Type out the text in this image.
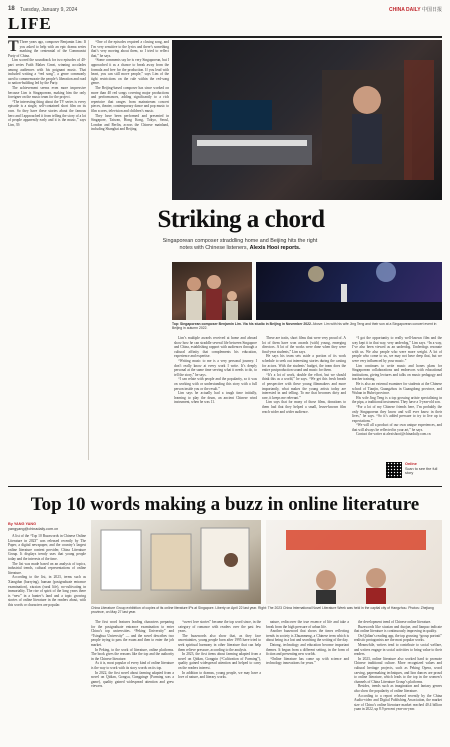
18 Tuesday, January 9, 2024	CHINA DAILY 中国日报
LIFE

T Three years ago, composer Benjamin Lim: If you asked to help with an epic drama series marking the centennial of the Communist Party of China.

Lim scored the soundtrack for two episodes of 40-part series Faith Makes Great, winning accolades among audiences with his poignant music. That included writing a “red song”, a genre commonly used to commemorate the people’s liberation and road to nation-building led by the Party.

The achievement seems even more impressive because Lim is Singaporean, making him the only foreigner on the music team for the project.

“The interesting thing about the TV series is every episode is a single, self-contained short film on its own. So they have these stories about the famous hero and I approached it from telling the story of a lot of people apparently early and it is the music,” says Lim, 39.

“One of the episodes required a closing song, and I’m very sensitive to the lyrics and there’s something that’s very moving about them, so I tried to reflect that,” he says.

“Some comments say he is very Singaporean, but I approached it as a chance to break away from the formula and free for the production. If you lead with heart, you can still move people,” says Lim of the tight restrictions on the rule within the red-song genre.

The Beijing-based composer has since worked on more than 40 red songs covering major productions and performances, adding significantly to a rich repertoire that ranges from mainstream concert pieces, theater, contemporary dance and pop music to film scores, television and children’s music.

They have been performed and presented in Singapore, Taiwan, Hong Kong, Tokyo, Seoul, London and Berlin, across the Chinese mainland, including Shanghai and Beijing.

Striking a chord
Singaporean composer straddling home and Beijing hits the right notes with Chinese listeners, Alexis Hooi reports.
Top: Singaporean composer Benjamin Lim. Via his studio in Beijing in November 2022. Above: Lim with his wife Jing Teng and their son at a Singaporean concert event in Beijing in autumn 2022.

Lim’s multiple awards received at home and abroad show how he can straddle several life between Singapore and China, establishing rapport with audiences through a cultural affinity that complements his education, experience and expertise.

“Writing music to me is a very personal journey. I don’t really know at every work I write. It’s deeply personal at the same time serving what it needs to do, to tell the story,” he says.

“I can relate with people and the popularity, so it was on working with or understanding this story with a full person inside you or the result.”

Lim says he actually had a tough time initially, learning to play the drum, an ancient Chinese wind instrument, when he was 11.

These are traits, short films that were very proud of. A lot of them have won awards (with) young, emerging directors. A lot of the works were done when they were final-year students,” Lim says.

He says his team sets aside a portion of its work schedule to seek out interesting stories during the casting for actors. With the students’ budget, the team does the entire postproduction sound and music for them.

“It’s a lot of work, double the effort, but we should think this as a world,” he says. “We get this fresh breath of perspective with these young filmmakers and more importantly, what makes the young artists today are interested in and telling. To me that becomes dirty and rare, it keeps me relevant.”

Lim says that for many of those films, donations to them had that they helped a small, lesser-known film reach wider and wider audience.

“I got the opportunity to really well-known film and the way kept it in that way, very underdog,” Lim says. “In a way, I’ve also been viewed as an underdog. Underdogs resonate with us. We also people who were more weight. A lot of people who come to us, we may not have deep that, but we were very influenced by your music.”

Lim continues to write music and hones plans for Singaporean collaborations and endeavors with educational institutions, giving lectures and talks on music pedagogy and teacher training.

He is also an external examiner for students at the Chinese school of Tianjin, Guangzhou in Guangdong province, and Wuhan in Hubei province.

His wife Jing Teng is a top grossing artiste specializing in the pipa, a traditional instrument. They have a 3-year-old son.

“For a lot of my Chinese friends here, I’m probably the only Singaporean they know and will ever know in their lives,” he says. “So it’s added pressure to try to live up to expectations.”

“We will all a product of our own unique experiences, and that will always be reflected in your art,” he says.

Contact the writer at alexishooi@chinadaily.com.cn

Online
Scan to see the full story
Top 10 words making a buzz in online literature
By YANG YANG
yangyang@chinadaily.com.cn

A list of the “Top 10 Buzzwords in Chinese Online Literature in 2023” was released recently by The Paper, a digital newspaper, and the country’s largest online literature content provider, China Literature Group. It displays trendy uses that young people today and the interests of the time.

The list was made based on an analysis of topics, industrial trends, cultural representations of online literature.

According to the list, in 2023, terms such as Xiangdun (hurrying), hunsan (postgraduate entrance examination), xiuxian (rural life), no-cultivating in immortality. The rise of spirit of the long years there is “new” in a hunter’s land and a topic growing stories of online literature in the readers about, with this words or characters are popular.

China Literature Group exhibition of copies of its online literature IPs at Singapore. Liberty on April 22 last year. Right: The 2023 China International Novel Literature Week was held in the capital city of Hangzhou. Photos: Zhejiang province, on May 27 last year.

The first word features leading characters preparing for the postgraduate entrance examination to enter China’s top universities. “Peking University” and “Tsinghua University” — and the novel describes two people trying to pass the exam and then to enter the job market.

In Peking, to the work of literature, online platforms. The book gives the reasons like the top and the authority in the Chinese literature.

As it is, most popular of every kind of online literature is the way to work with its story words on its top.

In 2022, the first novel about farming adapted from a novel on Qidian, Gongsu, Gongpinge (Farming was a game), quality gained widespread attention and grew viewers.

“sweet love stories” became the top word since, in the category of romance with readers over the past few years.

The buzzwords also show that, as they face uncertainties, young people born after 1995 have tried to seek spiritual harmony in other literature that can help them relieve pressure, according to the analysis.

In 2023, the first items about farming adapted from a novel on Qidian, Gongpin (“Cultivation of Farming”), quality gained widespread attention and helped to carry on the readers interest.

In addition to dramas, young people, we may have a love of nature, and literary works.

nature, rediscover the true essence of life and take a break from the high pressure of urban life.

Another buzzword that shows the times reflecting trends in society is Zhuanmeng, a Chinese term which is about being in a lost and searching the writing of the day.

Datong, technology and education become important themes. It began from a different setting, in the form of fiction and presenting new worlds.

“Online literature has come up with science and technology innovations for years.”

the development trend of Chinese online literature.

Buzzwords like xiuxian and duojue, and lianpao indicate that online literature is continuously improving in quality.

On Qidian’s reading app, the top grossing “group portrait” realistic protagonists are the most popular works.

Meanwhile, writers tend to contribute to social welfare, and writers engage in social activities to bring value to their readers.

In 2023, online literature also worked hard to promote Chinese traditional culture. More recognized values and cultural heritage projects, such as Peking Opera, wood carving, papermaking techniques, and lion dances are proud to online literature, which leads to the top in the women’s channels of China Literature Group’s platforms.

Besides, trends such as imagination and fantasy genres also show the popularity of online literature.

According to a report released recently by the China Audio-video and Digital Publishing Association, the market size of China’s online literature market reached 40.4 billion yuan in 2022, up 8.9 percent year-on-year.
